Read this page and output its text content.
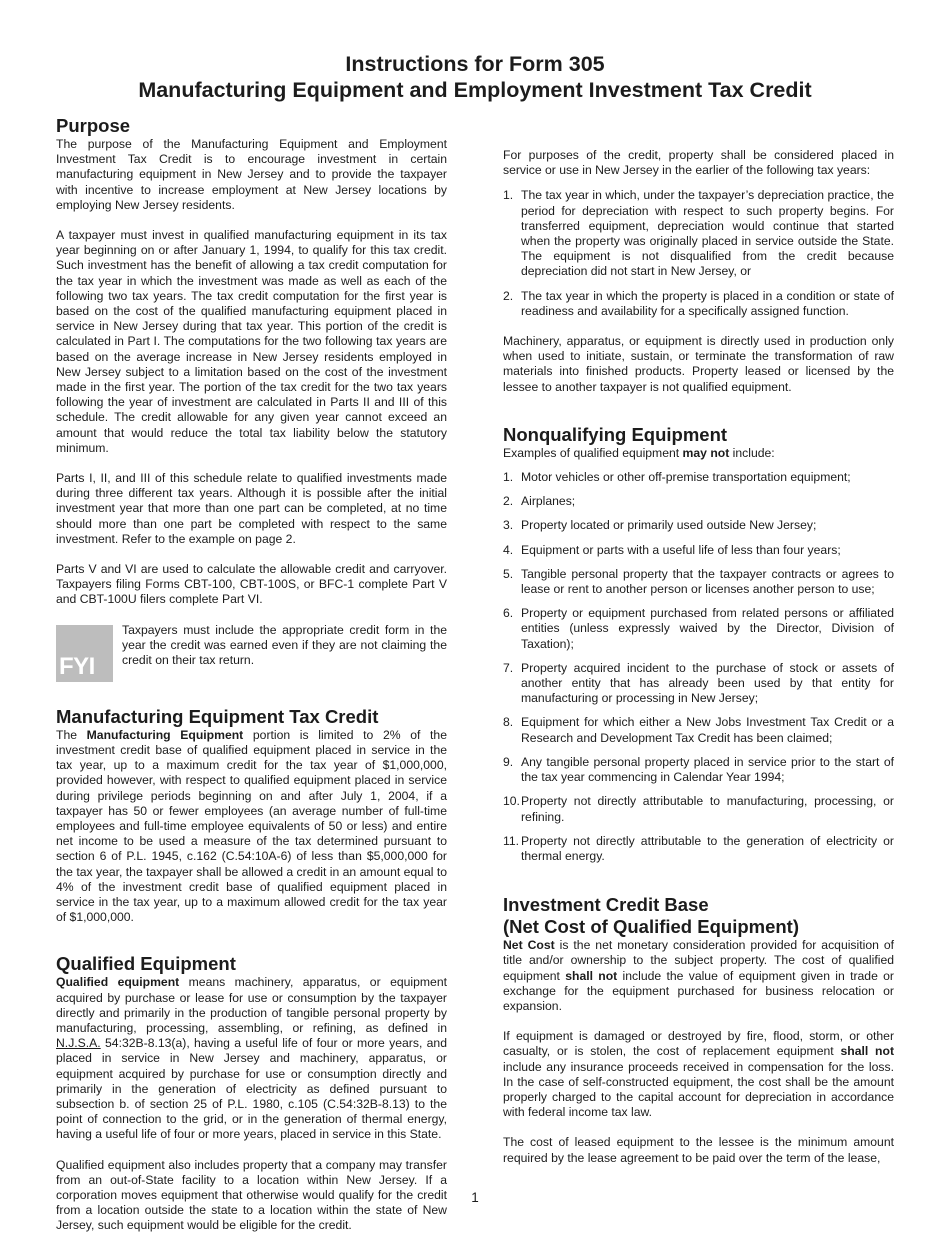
Instructions for Form 305
Manufacturing Equipment and Employment Investment Tax Credit
Purpose

The purpose of the Manufacturing Equipment and Employment Investment Tax Credit is to encourage investment in certain manufacturing equipment in New Jersey and to provide the taxpayer with incentive to increase employment at New Jersey locations by employing New Jersey residents.

A taxpayer must invest in qualified manufacturing equipment in its tax year beginning on or after January 1, 1994, to qualify for this tax credit. Such investment has the benefit of allowing a tax credit computation for the tax year in which the investment was made as well as each of the following two tax years. The tax credit computation for the first year is based on the cost of the qualified manufacturing equipment placed in service in New Jersey during that tax year. This portion of the credit is calculated in Part I. The computations for the two following tax years are based on the average increase in New Jersey residents employed in New Jersey subject to a limitation based on the cost of the investment made in the first year. The portion of the tax credit for the two tax years following the year of investment are calculated in Parts II and III of this schedule. The credit allowable for any given year cannot exceed an amount that would reduce the total tax liability below the statutory minimum.

Parts I, II, and III of this schedule relate to qualified investments made during three different tax years. Although it is possible after the initial investment year that more than one part can be completed, at no time should more than one part be completed with respect to the same investment. Refer to the example on page 2.

Parts V and VI are used to calculate the allowable credit and carryover. Taxpayers filing Forms CBT-100, CBT-100S, or BFC-1 complete Part V and CBT-100U filers complete Part VI.

FYI

Taxpayers must include the appropriate credit form in the year the credit was earned even if they are not claiming the credit on their tax return.

Manufacturing Equipment Tax Credit

The Manufacturing Equipment portion is limited to 2% of the investment credit base of qualified equipment placed in service in the tax year, up to a maximum credit for the tax year of $1,000,000, provided however, with respect to qualified equipment placed in service during privilege periods beginning on and after July 1, 2004, if a taxpayer has 50 or fewer employees (an average number of full-time employees and full-time employee equivalents of 50 or less) and entire net income to be used a measure of the tax determined pursuant to section 6 of P.L. 1945, c.162 (C.54:10A-6) of less than $5,000,000 for the tax year, the taxpayer shall be allowed a credit in an amount equal to 4% of the investment credit base of qualified equipment placed in service in the tax year, up to a maximum allowed credit for the tax year of $1,000,000.

Qualified Equipment

Qualified equipment means machinery, apparatus, or equipment acquired by purchase or lease for use or consumption by the taxpayer directly and primarily in the production of tangible personal property by manufacturing, processing, assembling, or refining, as defined in N.J.S.A. 54:32B-8.13(a), having a useful life of four or more years, and placed in service in New Jersey and machinery, apparatus, or equipment acquired by purchase for use or consumption directly and primarily in the generation of electricity as defined pursuant to subsection b. of section 25 of P.L. 1980, c.105 (C.54:32B-8.13) to the point of connection to the grid, or in the generation of thermal energy, having a useful life of four or more years, placed in service in this State.

Qualified equipment also includes property that a company may transfer from an out-of-State facility to a location within New Jersey. If a corporation moves equipment that otherwise would qualify for the credit from a location outside the state to a location within the state of New Jersey, such equipment would be eligible for the credit.

For purposes of the credit, property shall be considered placed in service or use in New Jersey in the earlier of the following tax years:

1. The tax year in which, under the taxpayer’s depreciation practice, the period for depreciation with respect to such property begins. For transferred equipment, depreciation would continue that started when the property was originally placed in service outside the State. The equipment is not disqualified from the credit because depreciation did not start in New Jersey, or
2. The tax year in which the property is placed in a condition or state of readiness and availability for a specifically assigned function.

Machinery, apparatus, or equipment is directly used in production only when used to initiate, sustain, or terminate the transformation of raw materials into finished products. Property leased or licensed by the lessee to another taxpayer is not qualified equipment.

Nonqualifying Equipment

Examples of qualified equipment may not include:

1. Motor vehicles or other off-premise transportation equipment;
2. Airplanes;
3. Property located or primarily used outside New Jersey;
4. Equipment or parts with a useful life of less than four years;
5. Tangible personal property that the taxpayer contracts or agrees to lease or rent to another person or licenses another person to use;
6. Property or equipment purchased from related persons or affiliated entities (unless expressly waived by the Director, Division of Taxation);
7. Property acquired incident to the purchase of stock or assets of another entity that has already been used by that entity for manufacturing or processing in New Jersey;
8. Equipment for which either a New Jobs Investment Tax Credit or a Research and Development Tax Credit has been claimed;
9. Any tangible personal property placed in service prior to the start of the tax year commencing in Calendar Year 1994;
10. Property not directly attributable to manufacturing, processing, or refining.
11. Property not directly attributable to the generation of electricity or thermal energy.
Investment Credit Base
(Net Cost of Qualified Equipment)

Net Cost is the net monetary consideration provided for acquisition of title and/or ownership to the subject property. The cost of qualified equipment shall not include the value of equipment given in trade or exchange for the equipment purchased for business relocation or expansion.

If equipment is damaged or destroyed by fire, flood, storm, or other casualty, or is stolen, the cost of replacement equipment shall not include any insurance proceeds received in compensation for the loss. In the case of self-constructed equipment, the cost shall be the amount properly charged to the capital account for depreciation in accordance with federal income tax law.

The cost of leased equipment to the lessee is the minimum amount required by the lease agreement to be paid over the term of the lease,

1
